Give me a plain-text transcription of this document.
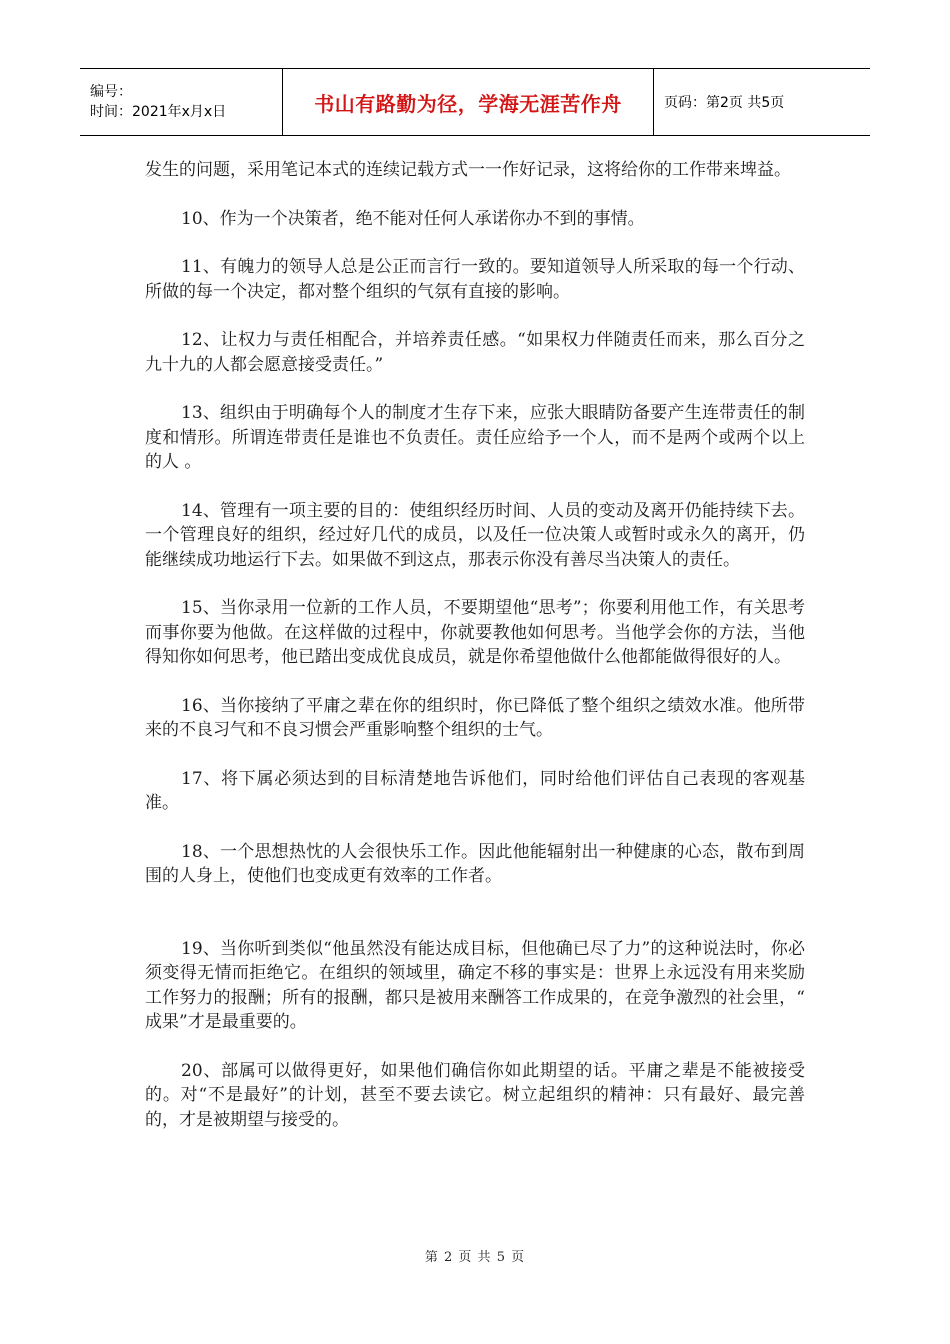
编号：
时间：2021年x月x日	书山有路勤为径，学海无涯苦作舟	页码：第2页 共5页

发生的问题，采用笔记本式的连续记载方式一一作好记录，这将给你的工作带来埤益。

10、作为一个决策者，绝不能对任何人承诺你办不到的事情。

11、有魄力的领导人总是公正而言行一致的。要知道领导人所采取的每一个行动、所做的每一个决定，都对整个组织的气氛有直接的影响。

12、让权力与责任相配合，并培养责任感。“如果权力伴随责任而来，那么百分之九十九的人都会愿意接受责任。”

13、组织由于明确每个人的制度才生存下来，应张大眼睛防备要产生连带责任的制度和情形。所谓连带责任是谁也不负责任。责任应给予一个人，而不是两个或两个以上的人 。

14、管理有一项主要的目的：使组织经历时间、人员的变动及离开仍能持续下去。一个管理良好的组织，经过好几代的成员，以及任一位决策人或暂时或永久的离开，仍能继续成功地运行下去。如果做不到这点，那表示你没有善尽当决策人的责任。

15、当你录用一位新的工作人员，不要期望他“思考”；你要利用他工作，有关思考而事你要为他做。在这样做的过程中，你就要教他如何思考。当他学会你的方法，当他得知你如何思考，他已踏出变成优良成员，就是你希望他做什么他都能做得很好的人。

16、当你接纳了平庸之辈在你的组织时，你已降低了整个组织之绩效水准。他所带来的不良习气和不良习惯会严重影响整个组织的士气。

17、将下属必须达到的目标清楚地告诉他们，同时给他们评估自己表现的客观基准。

18、一个思想热忱的人会很快乐工作。因此他能辐射出一种健康的心态，散布到周围的人身上，使他们也变成更有效率的工作者。

19、当你听到类似“他虽然没有能达成目标，但他确已尽了力”的这种说法时，你必须变得无情而拒绝它。在组织的领域里，确定不移的事实是：世界上永远没有用来奖励工作努力的报酬；所有的报酬，都只是被用来酬答工作成果的，在竞争激烈的社会里，“ 成果”才是最重要的。

20、部属可以做得更好，如果他们确信你如此期望的话。平庸之辈是不能被接受的。对“不是最好”的计划，甚至不要去读它。树立起组织的精神：只有最好、最完善的，才是被期望与接受的。

第 2 页 共 5 页
